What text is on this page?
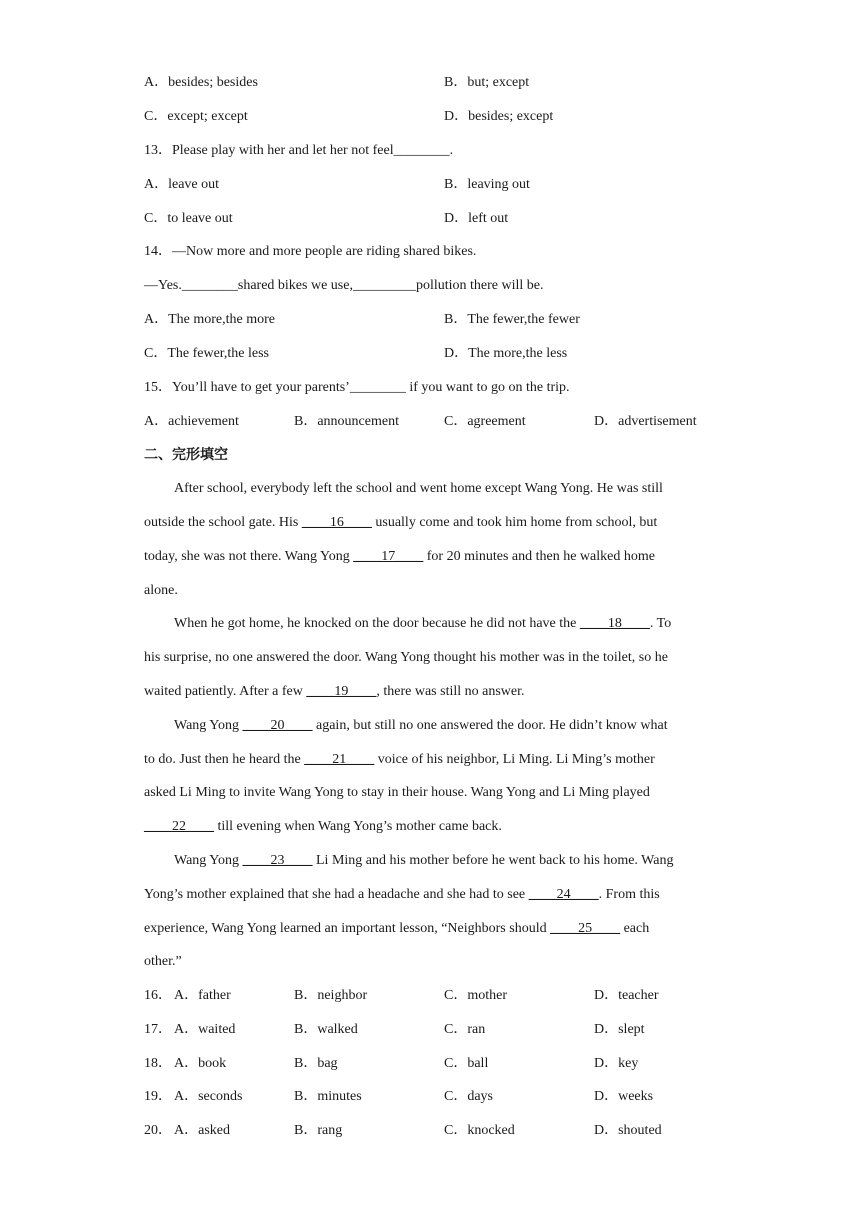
A．besides; besides	B．but; except
C．except; except	D．besides; except
13．Please play with her and let her not feel________.
A．leave out	B．leaving out
C．to leave out	D．left out
14．—Now more and more people are riding shared bikes.
—Yes.________shared bikes we use,_________pollution there will be.
A．The more,the more	B．The fewer,the fewer
C．The fewer,the less	D．The more,the less
15．You’ll have to get your parents’________ if you want to go on the trip.
A．achievement	B．announcement	C．agreement	D．advertisement
二、完形填空
After school, everybody left the school and went home except Wang Yong. He was still
outside the school gate. His ____16____ usually come and took him home from school, but
today, she was not there. Wang Yong ____17____ for 20 minutes and then he walked home
alone.
When he got home, he knocked on the door because he did not have the ____18____. To
his surprise, no one answered the door. Wang Yong thought his mother was in the toilet, so he
waited patiently. After a few ____19____, there was still no answer.
Wang Yong ____20____ again, but still no one answered the door. He didn’t know what
to do. Just then he heard the ____21____ voice of his neighbor, Li Ming. Li Ming’s mother
asked Li Ming to invite Wang Yong to stay in their house. Wang Yong and Li Ming played
____22____ till evening when Wang Yong’s mother came back.
Wang Yong ____23____ Li Ming and his mother before he went back to his home. Wang
Yong’s mother explained that she had a headache and she had to see ____24____. From this
experience, Wang Yong learned an important lesson, “Neighbors should ____25____ each
other.”
16． A．father	B．neighbor	C．mother	D．teacher
17． A．waited	B．walked	C．ran	D．slept
18． A．book	B．bag	C．ball	D．key
19． A．seconds	B．minutes	C．days	D．weeks
20． A．asked	B．rang	C．knocked	D．shouted
